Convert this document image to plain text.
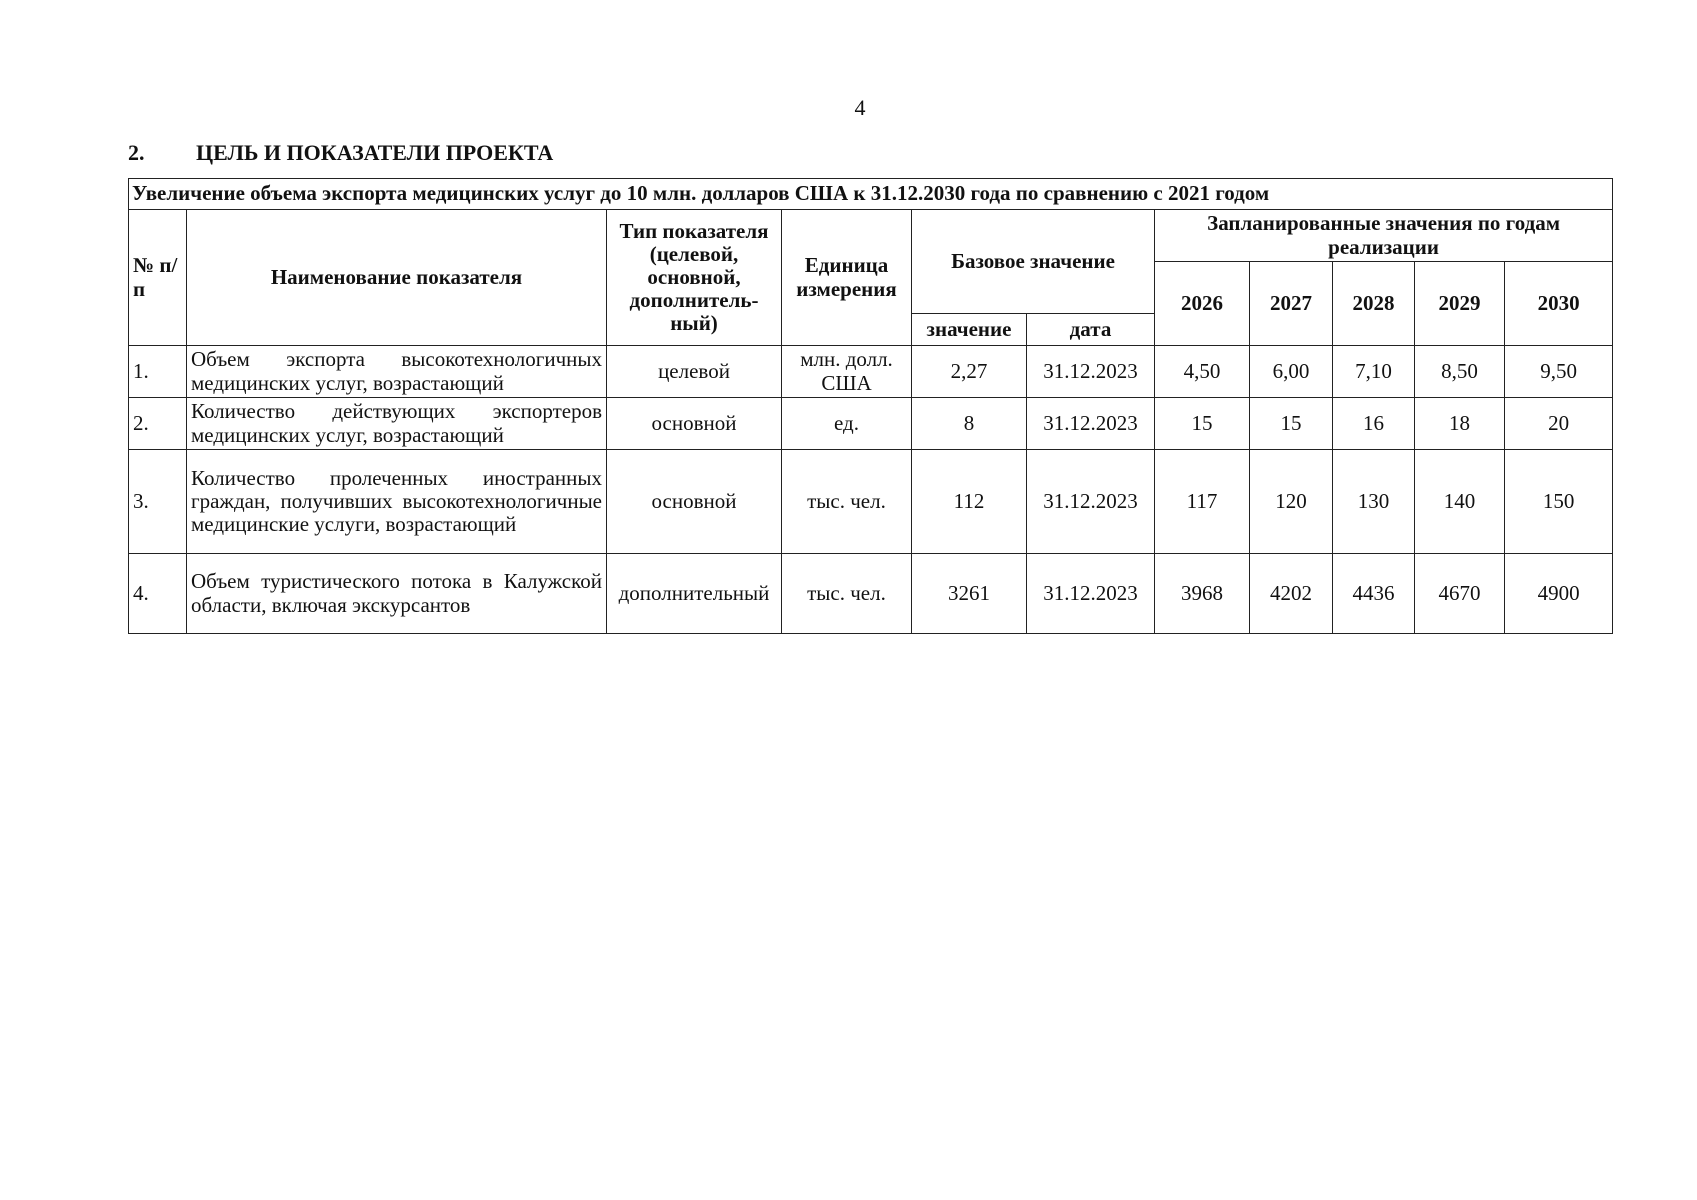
4
2. ЦЕЛЬ И ПОКАЗАТЕЛИ ПРОЕКТА
Увеличение объема экспорта медицинских услуг до 10 млн. долларов США к 31.12.2030 года по сравнению с 2021 годом										
№ п/п	Наименование показателя	Тип показателя (целевой, основной, дополнитель-ный)	Единица измерения	Базовое значение		Запланированные значения по годам реализации				
						2026	2027	2028	2029	2030
				значение	дата					
1.	Объем экспорта высокотехнологичных медицинских услуг, возрастающий	целевой	млн. долл. США	2,27	31.12.2023	4,50	6,00	7,10	8,50	9,50
2.	Количество действующих экспортеров медицинских услуг, возрастающий	основной	ед.	8	31.12.2023	15	15	16	18	20
3.	Количество пролеченных иностранных граждан, получивших высокотехнологичные медицинские услуги, возрастающий	основной	тыс. чел.	112	31.12.2023	117	120	130	140	150
4.	Объем туристического потока в Калужской области, включая экскурсантов	дополнительный	тыс. чел.	3261	31.12.2023	3968	4202	4436	4670	4900
